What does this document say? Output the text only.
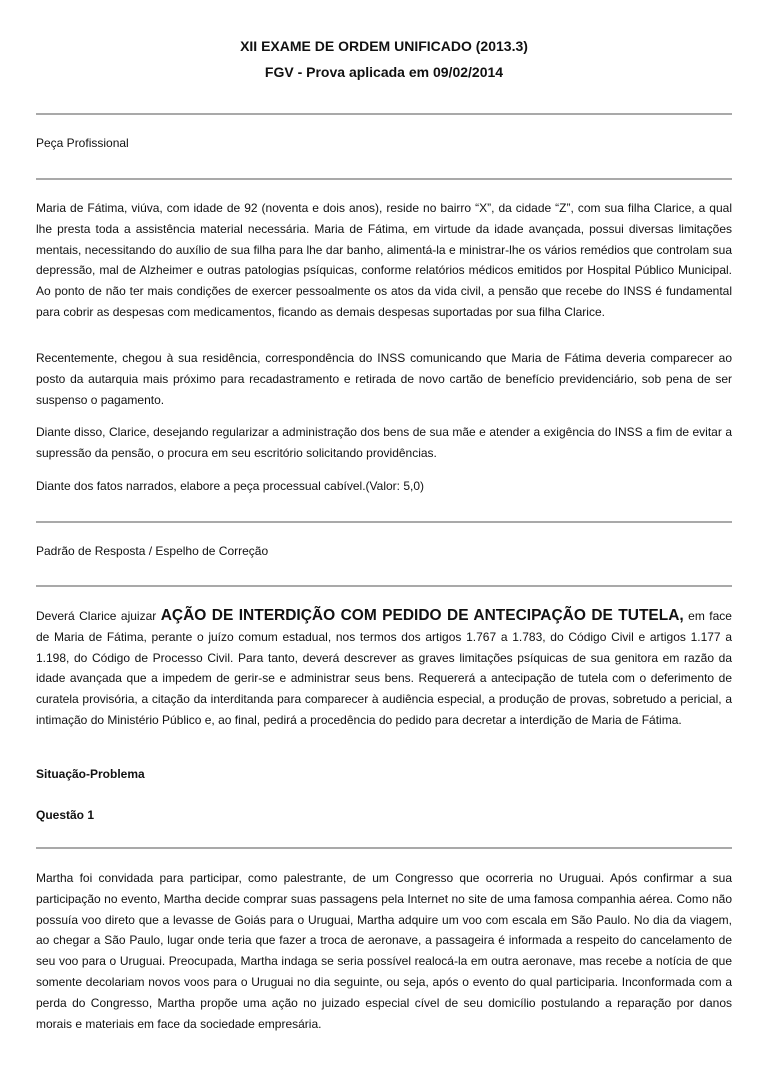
XII EXAME DE ORDEM UNIFICADO (2013.3)
FGV - Prova aplicada em 09/02/2014
Peça Profissional

Maria de Fátima, viúva, com idade de 92 (noventa e dois anos), reside no bairro “X”, da cidade “Z”, com sua filha Clarice, a qual lhe presta toda a assistência material necessária. Maria de Fátima, em virtude da idade avançada, possui diversas limitações mentais, necessitando do auxílio de sua filha para lhe dar banho, alimentá-la e ministrar-lhe os vários remédios que controlam sua depressão, mal de Alzheimer e outras patologias psíquicas, conforme relatórios médicos emitidos por Hospital Público Municipal. Ao ponto de não ter mais condições de exercer pessoalmente os atos da vida civil, a pensão que recebe do INSS é fundamental para cobrir as despesas com medicamentos, ficando as demais despesas suportadas por sua filha Clarice.

Recentemente, chegou à sua residência, correspondência do INSS comunicando que Maria de Fátima deveria comparecer ao posto da autarquia mais próximo para recadastramento e retirada de novo cartão de benefício previdenciário, sob pena de ser suspenso o pagamento.

Diante disso, Clarice, desejando regularizar a administração dos bens de sua mãe e atender a exigência do INSS a fim de evitar a supressão da pensão, o procura em seu escritório solicitando providências.

Diante dos fatos narrados, elabore a peça processual cabível.(Valor: 5,0)

Padrão de Resposta / Espelho de Correção

Deverá Clarice ajuizar AÇÃO DE INTERDIÇÃO COM PEDIDO DE ANTECIPAÇÃO DE TUTELA, em face de Maria de Fátima, perante o juízo comum estadual, nos termos dos artigos 1.767 a 1.783, do Código Civil e artigos 1.177 a 1.198, do Código de Processo Civil. Para tanto, deverá descrever as graves limitações psíquicas de sua genitora em razão da idade avançada que a impedem de gerir-se e administrar seus bens. Requererá a antecipação de tutela com o deferimento de curatela provisória, a citação da interditanda para comparecer à audiência especial, a produção de provas, sobretudo a pericial, a intimação do Ministério Público e, ao final, pedirá a procedência do pedido para decretar a interdição de Maria de Fátima.

Situação-Problema
Questão 1

Martha foi convidada para participar, como palestrante, de um Congresso que ocorreria no Uruguai. Após confirmar a sua participação no evento, Martha decide comprar suas passagens pela Internet no site de uma famosa companhia aérea. Como não possuía voo direto que a levasse de Goiás para o Uruguai, Martha adquire um voo com escala em São Paulo. No dia da viagem, ao chegar a São Paulo, lugar onde teria que fazer a troca de aeronave, a passageira é informada a respeito do cancelamento de seu voo para o Uruguai. Preocupada, Martha indaga se seria possível realocá-la em outra aeronave, mas recebe a notícia de que somente decolariam novos voos para o Uruguai no dia seguinte, ou seja, após o evento do qual participaria. Inconformada com a perda do Congresso, Martha propõe uma ação no juizado especial cível de seu domicílio postulando a reparação por danos morais e materiais em face da sociedade empresária.
